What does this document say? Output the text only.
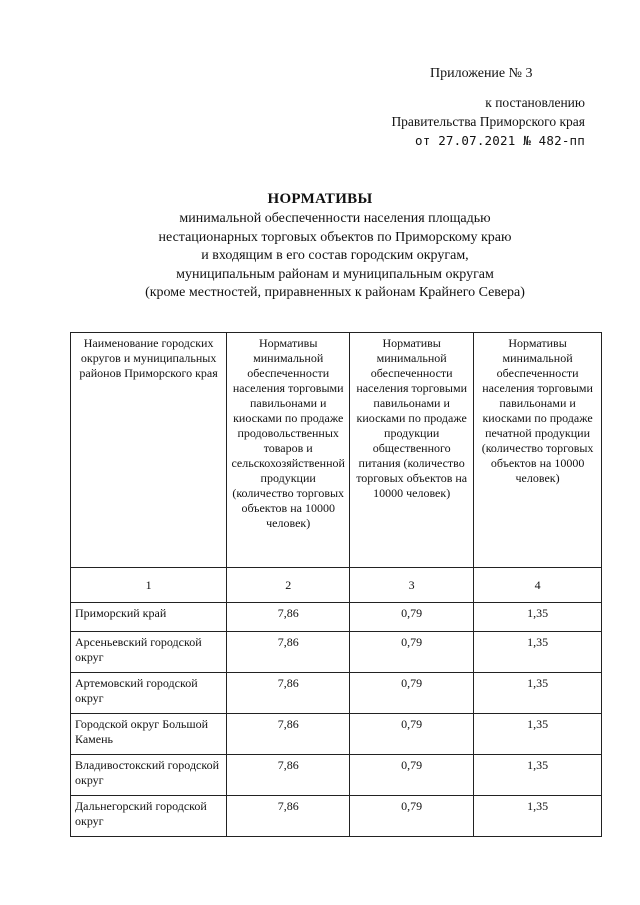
Приложение № 3
к постановлению
Правительства Приморского края
от 27.07.2021 № 482-пп

НОРМАТИВЫ

минимальной обеспеченности населения площадью

нестационарных торговых объектов по Приморскому краю

и входящим в его состав городским округам,

муниципальным районам и муниципальным округам

(кроме местностей, приравненных к районам Крайнего Севера)

Наименование городских округов и муниципальных районов Приморского края	Нормативы минимальной обеспеченности населения торговыми павильонами и киосками по продаже продовольственных товаров и сельскохозяйственной продукции (количество торговых объектов на 10000 человек)	Нормативы минимальной обеспеченности населения торговыми павильонами и киосками по продаже продукции общественного питания (количество торговых объектов на 10000 человек)	Нормативы минимальной обеспеченности населения торговыми павильонами и киосками по продаже печатной продукции (количество торговых объектов на 10000 человек)
1	2	3	4
Приморский край	7,86	0,79	1,35
Арсеньевский городской округ	7,86	0,79	1,35
Артемовский городской округ	7,86	0,79	1,35
Городской округ Большой Камень	7,86	0,79	1,35
Владивостокский городской округ	7,86	0,79	1,35
Дальнегорский городской округ	7,86	0,79	1,35
